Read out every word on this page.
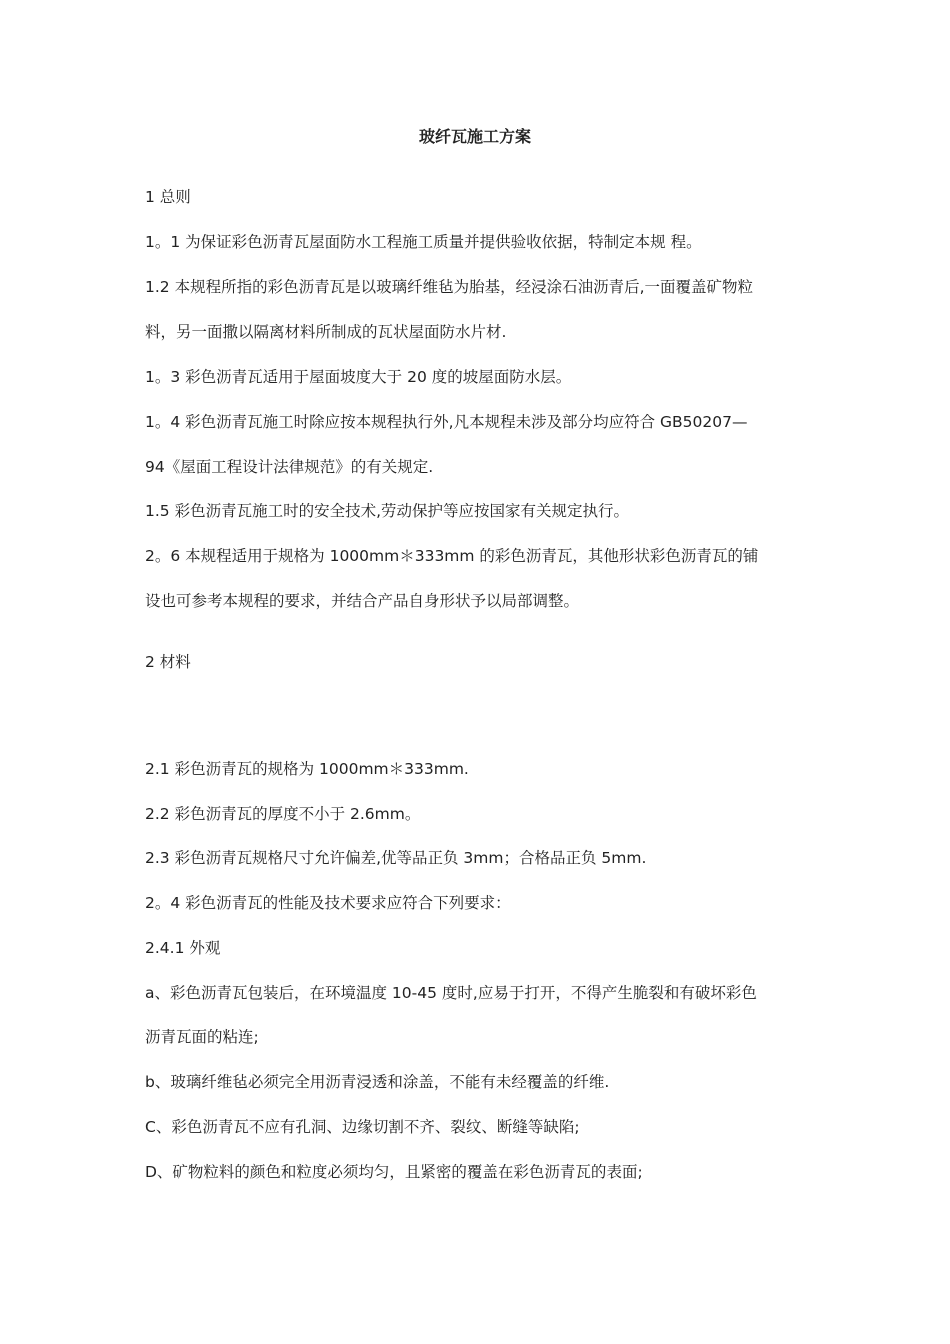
玻纤瓦施工方案
1 总则
1。1 为保证彩色沥青瓦屋面防水工程施工质量并提供验收依据，特制定本规 程。
1.2 本规程所指的彩色沥青瓦是以玻璃纤维毡为胎基，经浸涂石油沥青后,一面覆盖矿物粒
料，另一面撒以隔离材料所制成的瓦状屋面防水片材.
1。3 彩色沥青瓦适用于屋面坡度大于 20 度的坡屋面防水层。
1。4 彩色沥青瓦施工时除应按本规程执行外,凡本规程未涉及部分均应符合 GB50207—
94《屋面工程设计法律规范》的有关规定.
1.5 彩色沥青瓦施工时的安全技术,劳动保护等应按国家有关规定执行。
2。6 本规程适用于规格为 1000mm＊333mm 的彩色沥青瓦，其他形状彩色沥青瓦的铺
设也可参考本规程的要求，并结合产品自身形状予以局部调整。
2 材料
2.1 彩色沥青瓦的规格为 1000mm＊333mm.
2.2 彩色沥青瓦的厚度不小于 2.6mm。
2.3 彩色沥青瓦规格尺寸允许偏差,优等品正负 3mm；合格品正负 5mm.
2。4 彩色沥青瓦的性能及技术要求应符合下列要求：
2.4.1 外观
a、彩色沥青瓦包装后，在环境温度 10-45 度时,应易于打开，不得产生脆裂和有破坏彩色
沥青瓦面的粘连;
b、玻璃纤维毡必须完全用沥青浸透和涂盖，不能有未经覆盖的纤维.
C、彩色沥青瓦不应有孔洞、边缘切割不齐、裂纹、断缝等缺陷;
D、矿物粒料的颜色和粒度必须均匀，且紧密的覆盖在彩色沥青瓦的表面;
